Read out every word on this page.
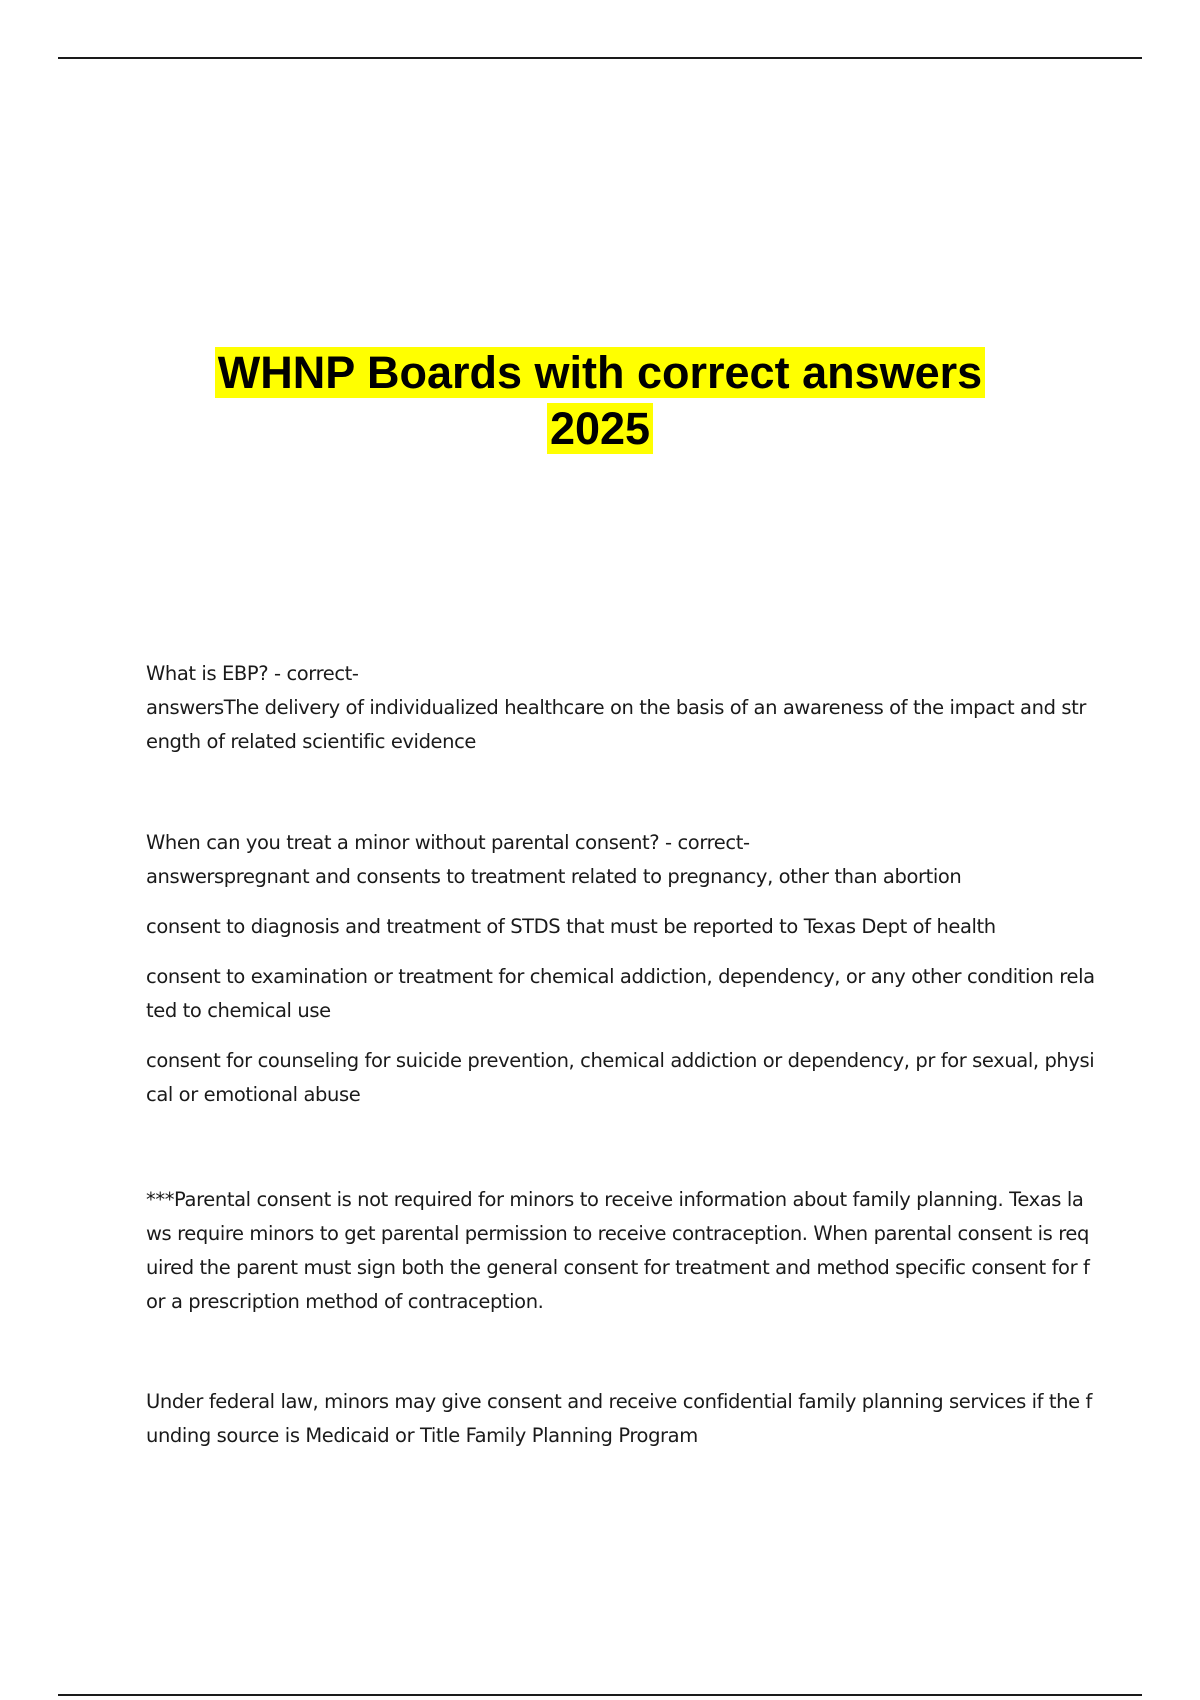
WHNP Boards with correct answers
2025

What is EBP? - correct-

answersThe delivery of individualized healthcare on the basis of an awareness of the impact and strength of related scientific evidence

When can you treat a minor without parental consent? - correct-

answerspregnant and consents to treatment related to pregnancy, other than abortion

consent to diagnosis and treatment of STDS that must be reported to Texas Dept of health

consent to examination or treatment for chemical addiction, dependency, or any other condition related to chemical use

consent for counseling for suicide prevention, chemical addiction or dependency, pr for sexual, physical or emotional abuse

***Parental consent is not required for minors to receive information about family planning. Texas laws require minors to get parental permission to receive contraception. When parental consent is required the parent must sign both the general consent for treatment and method specific consent for for a prescription method of contraception.

Under federal law, minors may give consent and receive confidential family planning services if the funding source is Medicaid or Title Family Planning Program
